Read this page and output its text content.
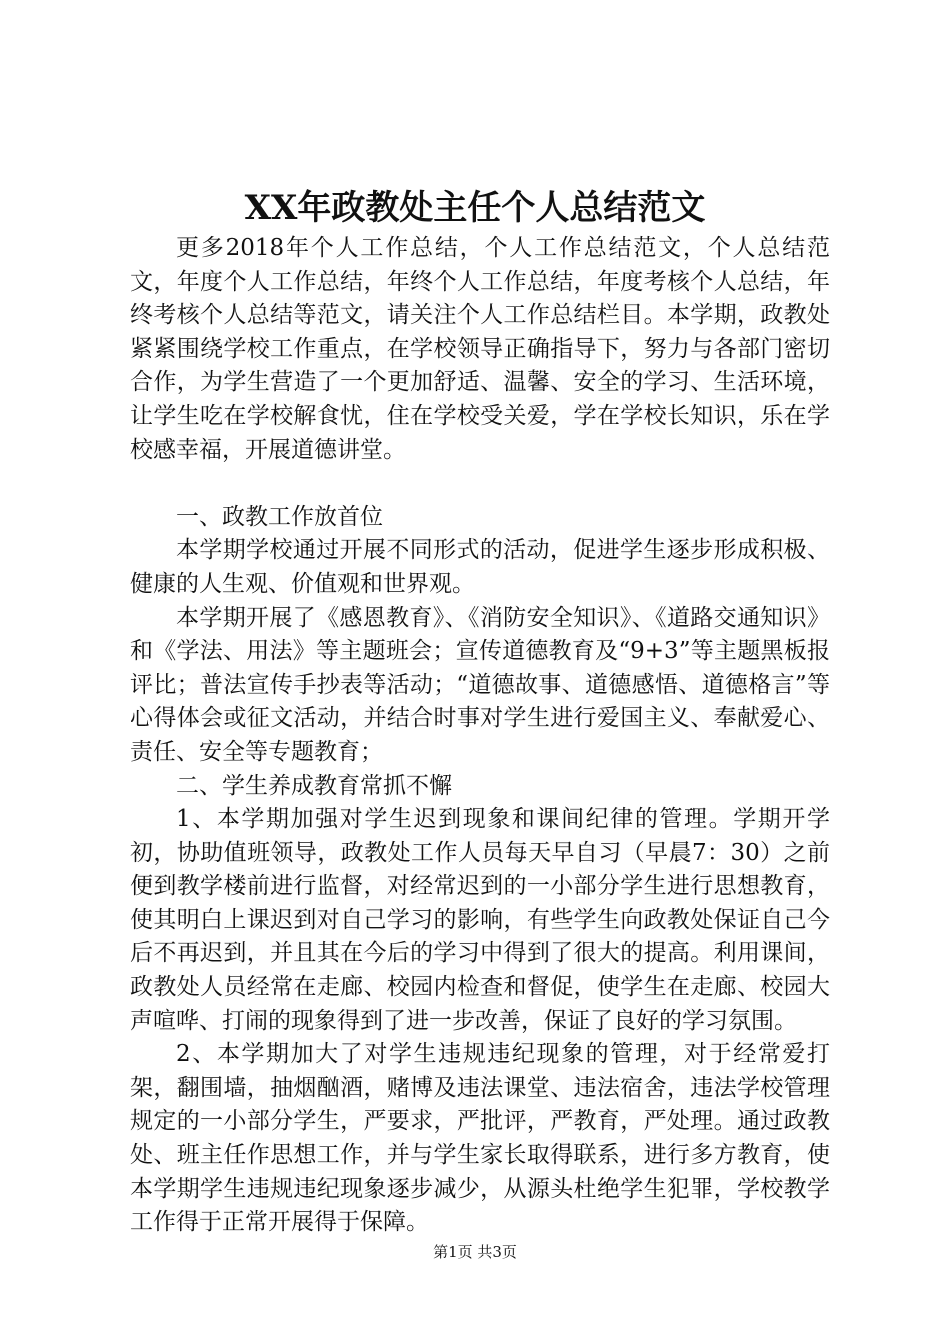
XX年政教处主任个人总结范文

更多2018年个人工作总结，个人工作总结范文，个人总结范文，年度个人工作总结，年终个人工作总结，年度考核个人总结，年终考核个人总结等范文，请关注个人工作总结栏目。本学期，政教处紧紧围绕学校工作重点，在学校领导正确指导下，努力与各部门密切合作，为学生营造了一个更加舒适、温馨、安全的学习、生活环境，让学生吃在学校解食忧，住在学校受关爱，学在学校长知识，乐在学校感幸福，开展道德讲堂。

一、政教工作放首位

本学期学校通过开展不同形式的活动，促进学生逐步形成积极、健康的人生观、价值观和世界观。

本学期开展了《感恩教育》、《消防安全知识》、《道路交通知识》和《学法、用法》等主题班会；宣传道德教育及“9+3”等主题黑板报评比；普法宣传手抄表等活动；“道德故事、道德感悟、道德格言”等心得体会或征文活动，并结合时事对学生进行爱国主义、奉献爱心、责任、安全等专题教育；

二、学生养成教育常抓不懈

1、本学期加强对学生迟到现象和课间纪律的管理。学期开学初，协助值班领导，政教处工作人员每天早自习（早晨7：30）之前便到教学楼前进行监督，对经常迟到的一小部分学生进行思想教育，使其明白上课迟到对自己学习的影响，有些学生向政教处保证自己今后不再迟到，并且其在今后的学习中得到了很大的提高。利用课间，政教处人员经常在走廊、校园内检查和督促，使学生在走廊、校园大声喧哗、打闹的现象得到了进一步改善，保证了良好的学习氛围。

2、本学期加大了对学生违规违纪现象的管理，对于经常爱打架，翻围墙，抽烟酗酒，赌博及违法课堂、违法宿舍，违法学校管理规定的一小部分学生，严要求，严批评，严教育，严处理。通过政教处、班主任作思想工作，并与学生家长取得联系，进行多方教育，使本学期学生违规违纪现象逐步减少，从源头杜绝学生犯罪，学校教学工作得于正常开展得于保障。

第1页 共3页
